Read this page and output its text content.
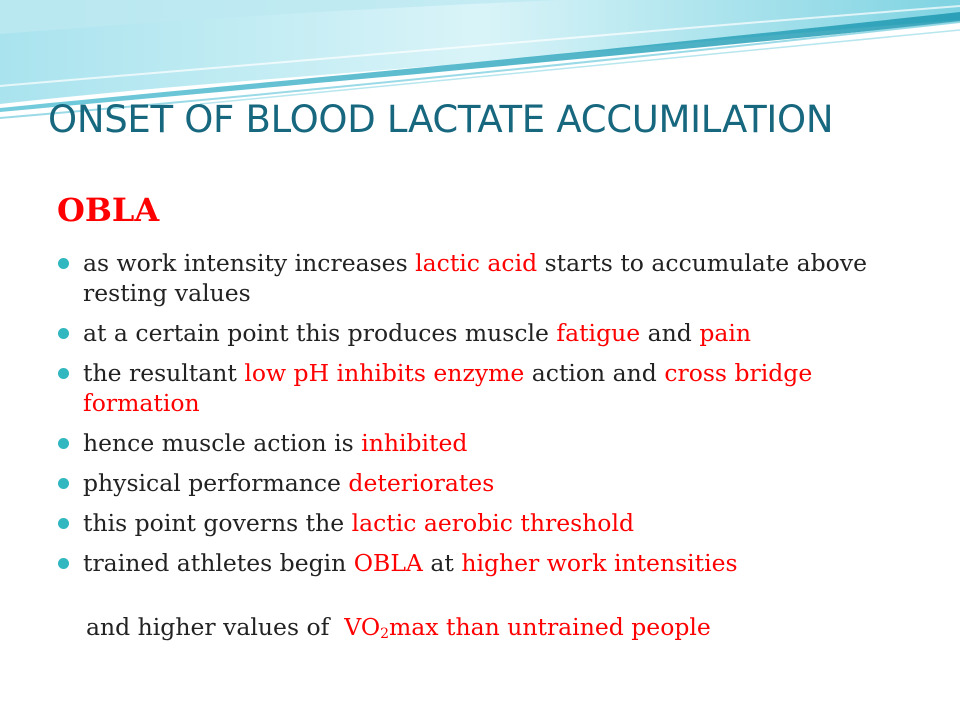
ONSET OF BLOOD LACTATE ACCUMILATION
OBLA
as work intensity increases lactic acid starts to accumulate above resting values
at a certain point this produces muscle fatigue and pain
the resultant low pH inhibits enzyme action and cross bridge formation
hence muscle action is inhibited
physical performance deteriorates
this point governs the lactic aerobic threshold
trained athletes begin OBLA at higher work intensities
and higher values of  $VO_2\max$ than untrained people
